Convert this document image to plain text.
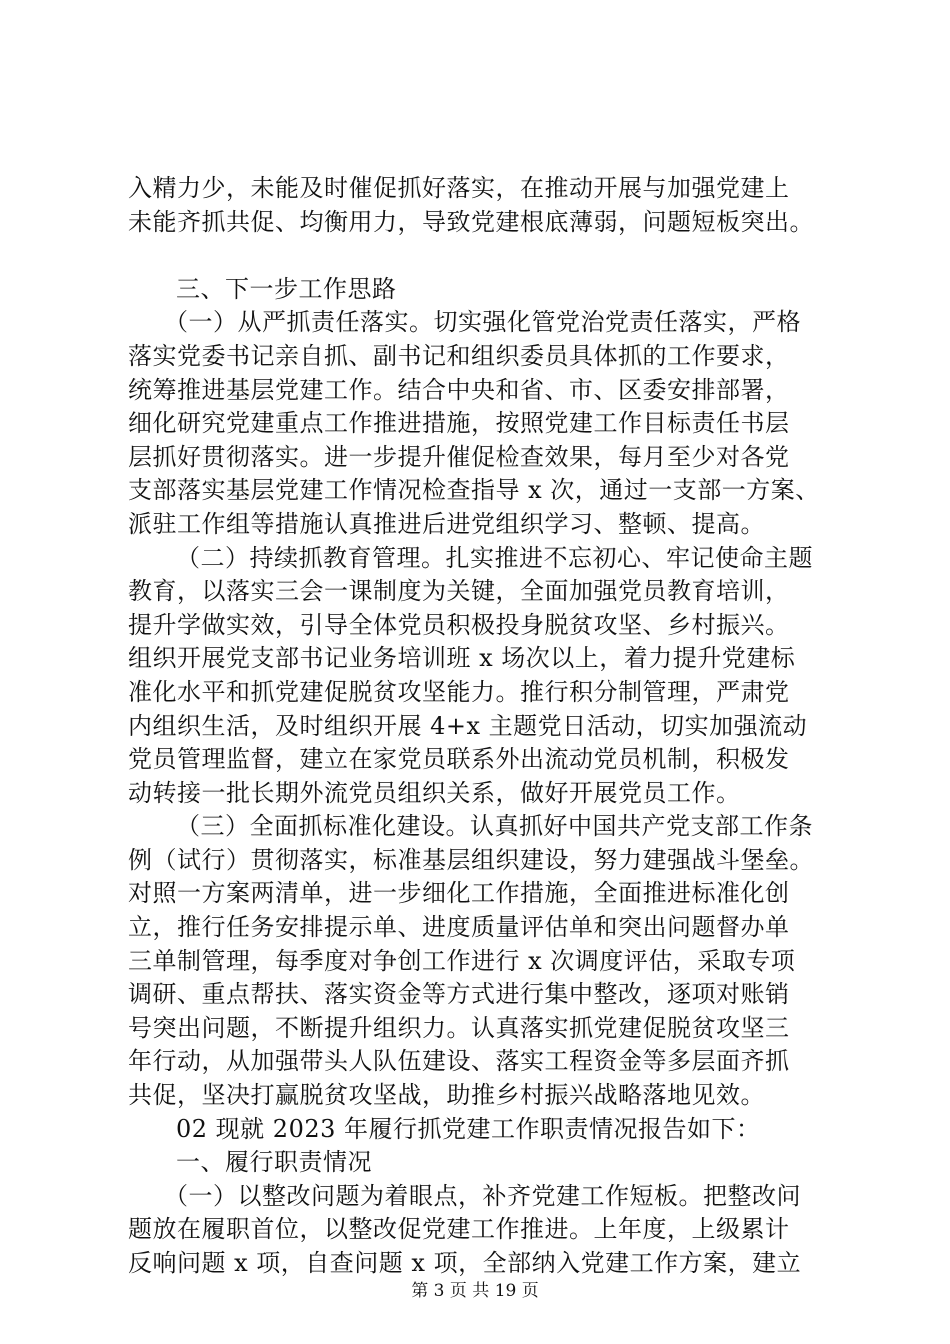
入精力少，未能及时催促抓好落实，在推动开展与加强党建上
未能齐抓共促、均衡用力，导致党建根底薄弱，问题短板突出。
三、下一步工作思路
（一）从严抓责任落实。切实强化管党治党责任落实，严格
落实党委书记亲自抓、副书记和组织委员具体抓的工作要求，
统筹推进基层党建工作。结合中央和省、市、区委安排部署，
细化研究党建重点工作推进措施，按照党建工作目标责任书层
层抓好贯彻落实。进一步提升催促检查效果，每月至少对各党
支部落实基层党建工作情况检查指导 x 次，通过一支部一方案、
派驻工作组等措施认真推进后进党组织学习、整顿、提高。
（二）持续抓教育管理。扎实推进不忘初心、牢记使命主题
教育，以落实三会一课制度为关键，全面加强党员教育培训，
提升学做实效，引导全体党员积极投身脱贫攻坚、乡村振兴。
组织开展党支部书记业务培训班 x 场次以上，着力提升党建标
准化水平和抓党建促脱贫攻坚能力。推行积分制管理，严肃党
内组织生活，及时组织开展 4+x 主题党日活动，切实加强流动
党员管理监督，建立在家党员联系外出流动党员机制，积极发
动转接一批长期外流党员组织关系，做好开展党员工作。
（三）全面抓标准化建设。认真抓好中国共产党支部工作条
例（试行）贯彻落实，标准基层组织建设，努力建强战斗堡垒。
对照一方案两清单，进一步细化工作措施，全面推进标准化创
立，推行任务安排提示单、进度质量评估单和突出问题督办单
三单制管理，每季度对争创工作进行 x 次调度评估，采取专项
调研、重点帮扶、落实资金等方式进行集中整改，逐项对账销
号突出问题，不断提升组织力。认真落实抓党建促脱贫攻坚三
年行动，从加强带头人队伍建设、落实工程资金等多层面齐抓
共促，坚决打赢脱贫攻坚战，助推乡村振兴战略落地见效。
02 现就 2023 年履行抓党建工作职责情况报告如下：
一、履行职责情况
（一）以整改问题为着眼点，补齐党建工作短板。把整改问
题放在履职首位，以整改促党建工作推进。上年度，上级累计
反响问题 x 项，自查问题 x 项，全部纳入党建工作方案，建立
第 3 页 共 19 页
